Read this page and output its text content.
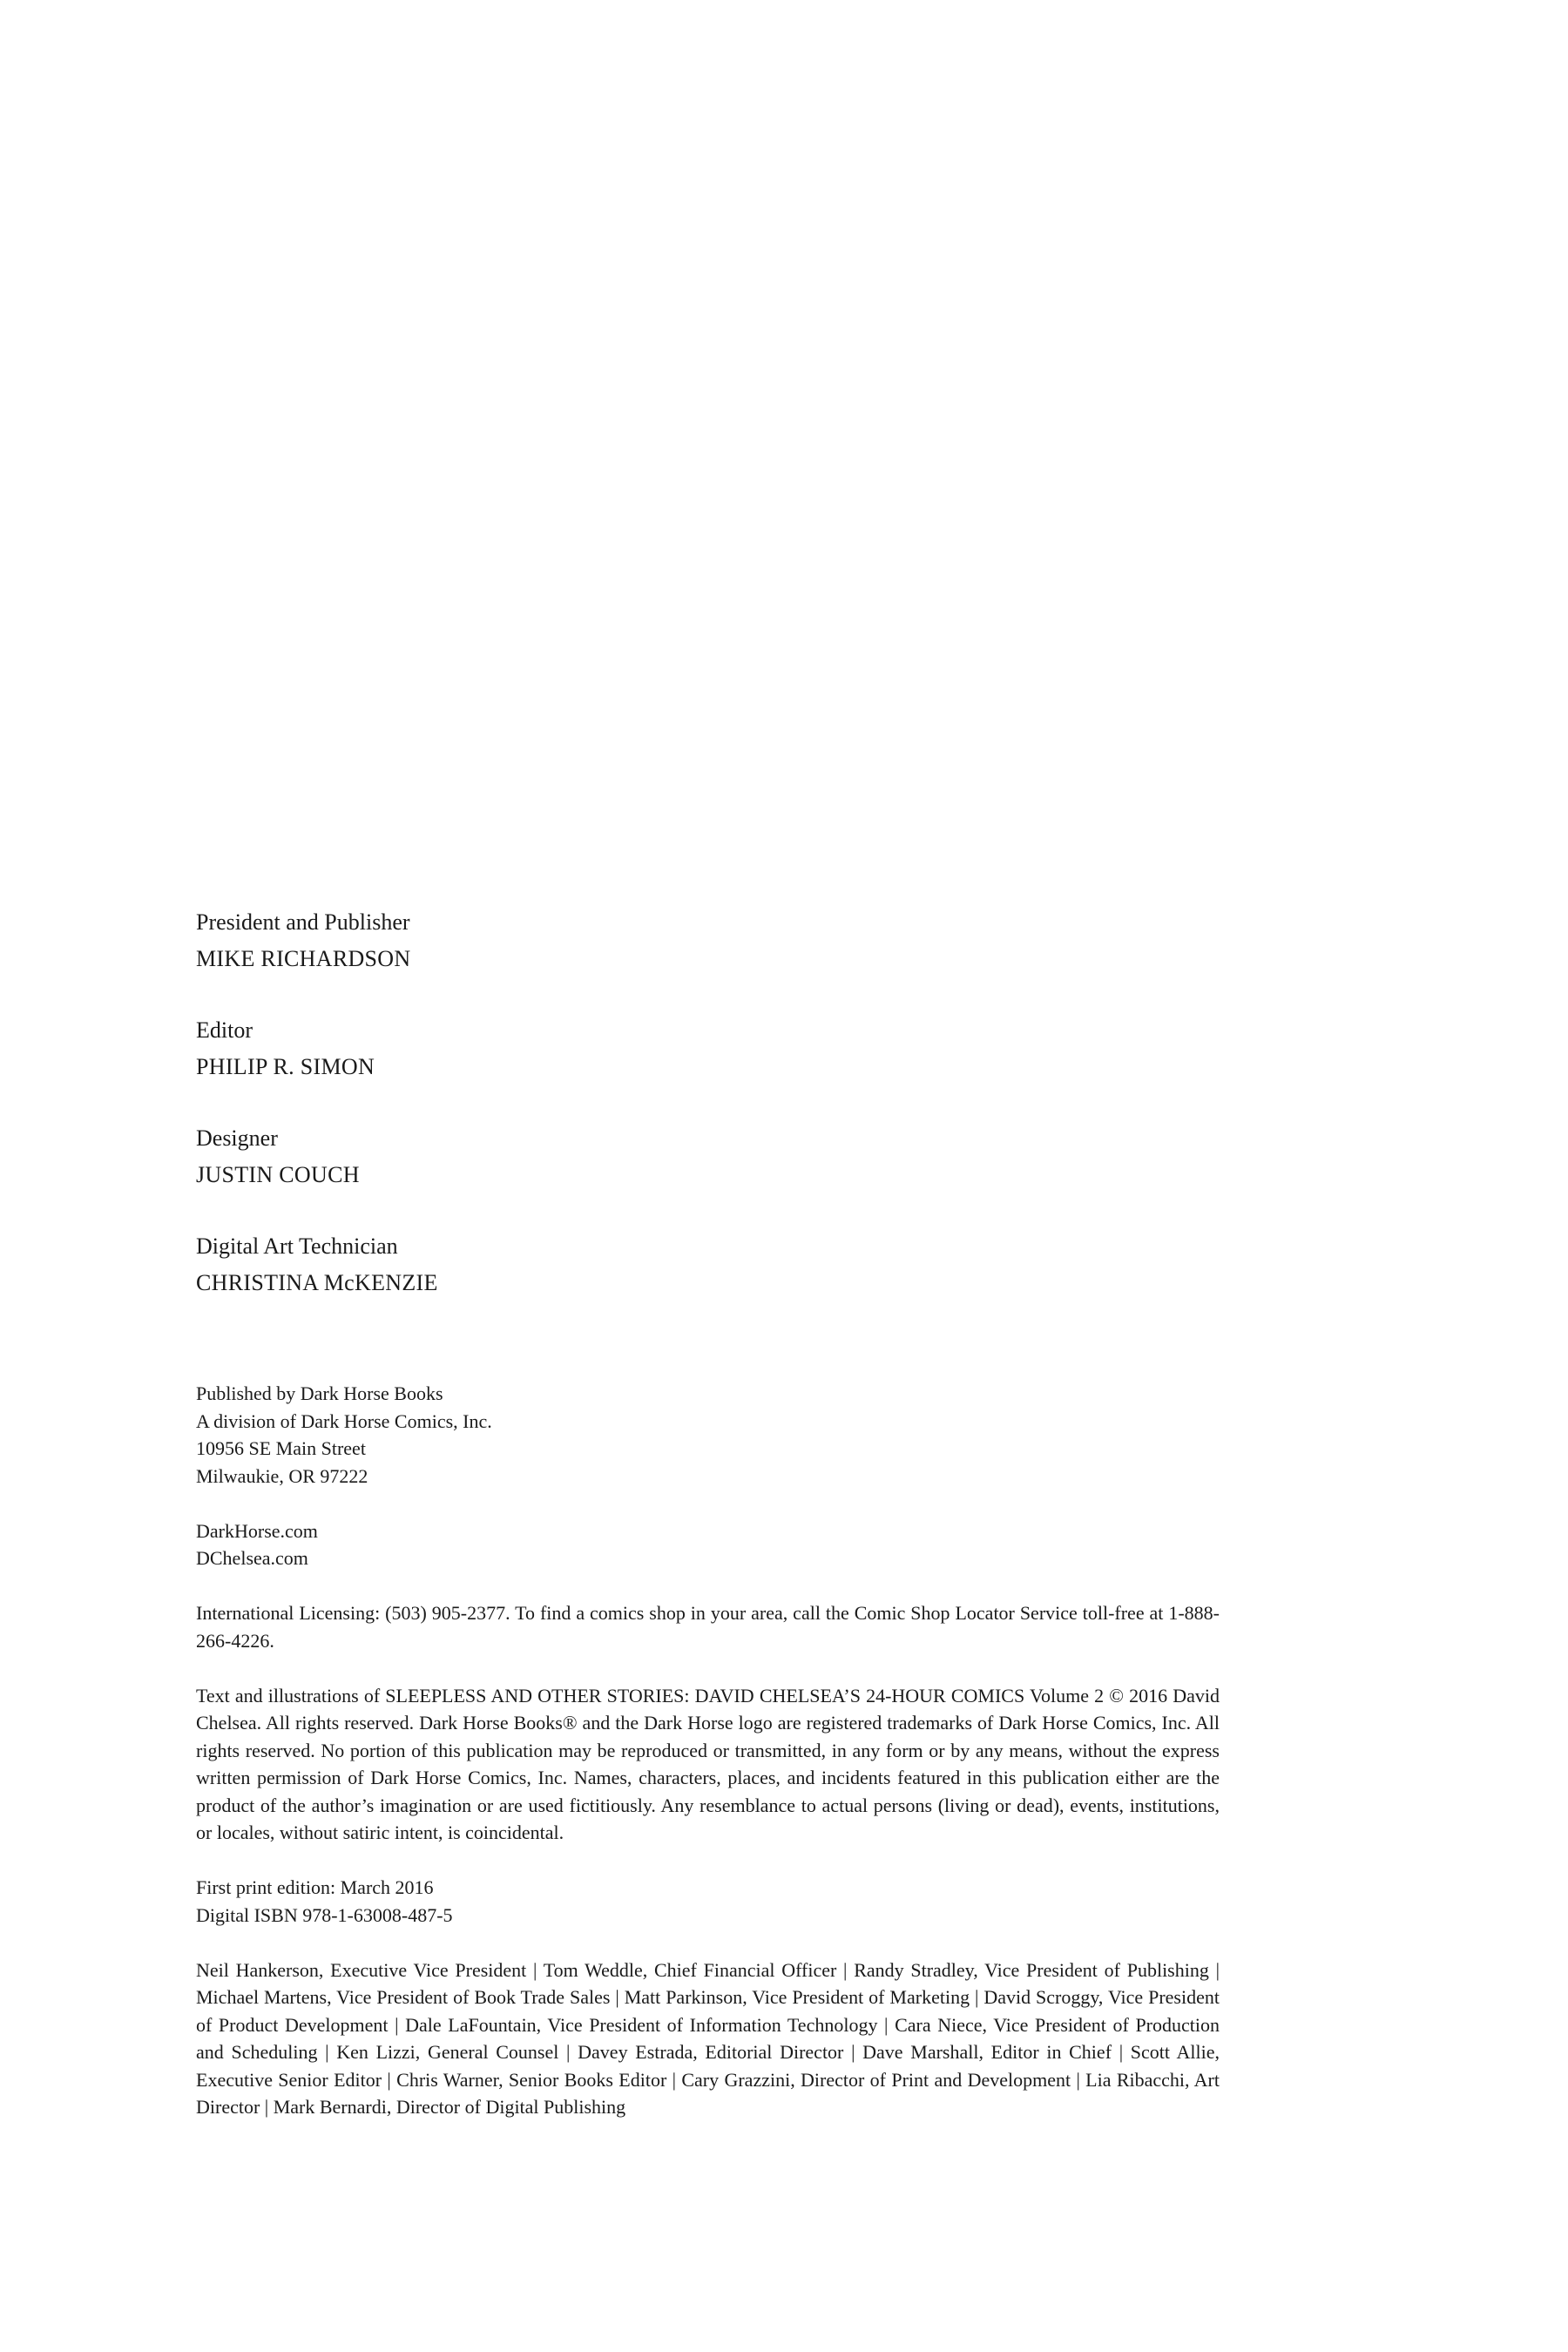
President and Publisher
MIKE RICHARDSON
Editor
PHILIP R. SIMON
Designer
JUSTIN COUCH
Digital Art Technician
CHRISTINA McKENZIE

Published by Dark Horse Books
A division of Dark Horse Comics, Inc.
10956 SE Main Street
Milwaukie, OR 97222

DarkHorse.com
DChelsea.com

International Licensing: (503) 905-2377. To find a comics shop in your area, call the Comic Shop Locator Service toll-free at 1-888-266-4226.

Text and illustrations of SLEEPLESS AND OTHER STORIES: DAVID CHELSEA’S 24-HOUR COMICS Volume 2 © 2016 David Chelsea. All rights reserved. Dark Horse Books® and the Dark Horse logo are registered trademarks of Dark Horse Comics, Inc. All rights reserved. No portion of this publication may be reproduced or transmitted, in any form or by any means, without the express written permission of Dark Horse Comics, Inc. Names, characters, places, and incidents featured in this publication either are the product of the author’s imagination or are used fictitiously. Any resemblance to actual persons (living or dead), events, institutions, or locales, without satiric intent, is coincidental.

First print edition: March 2016
Digital ISBN 978-1-63008-487-5

Neil Hankerson, Executive Vice President | Tom Weddle, Chief Financial Officer | Randy Stradley, Vice President of Publishing | Michael Martens, Vice President of Book Trade Sales | Matt Parkinson, Vice President of Marketing | David Scroggy, Vice President of Product Development | Dale LaFountain, Vice President of Information Technology | Cara Niece, Vice President of Production and Scheduling | Ken Lizzi, General Counsel | Davey Estrada, Editorial Director | Dave Marshall, Editor in Chief | Scott Allie, Executive Senior Editor | Chris Warner, Senior Books Editor | Cary Grazzini, Director of Print and Development | Lia Ribacchi, Art Director | Mark Bernardi, Director of Digital Publishing
